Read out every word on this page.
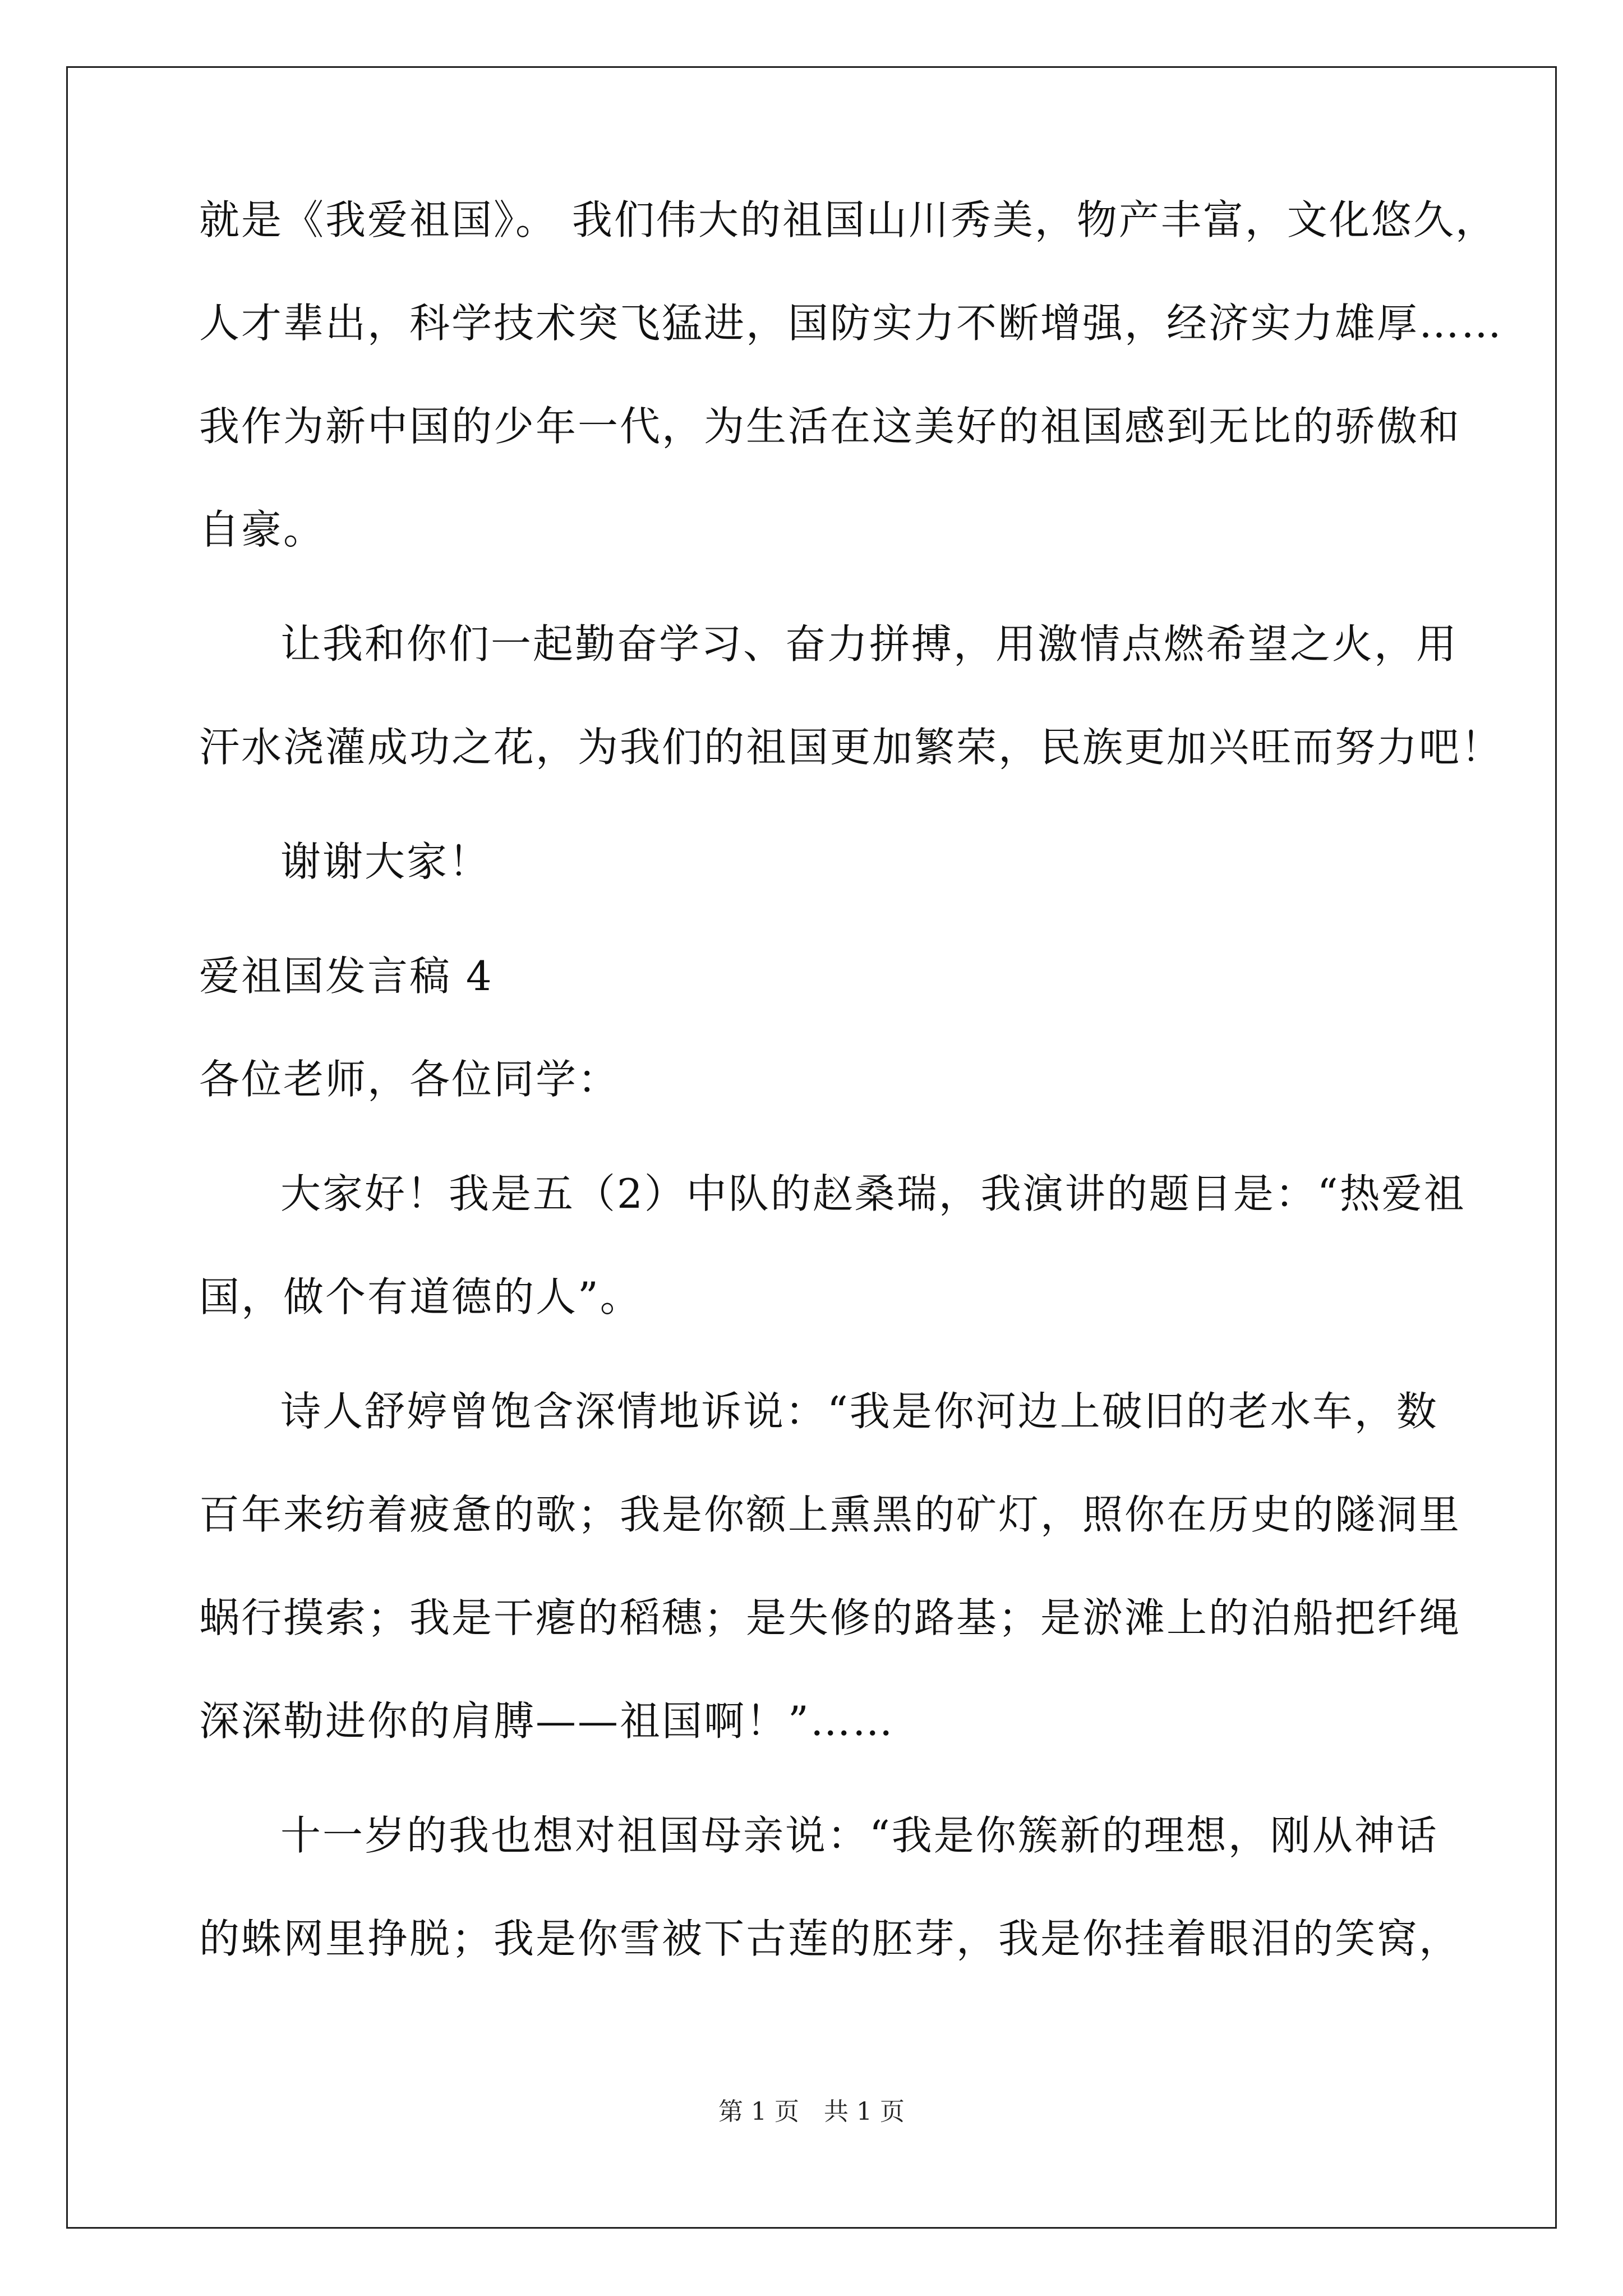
就是《我爱祖国》。 我们伟大的祖国山川秀美，物产丰富，文化悠久，
人才辈出，科学技术突飞猛进，国防实力不断增强，经济实力雄厚……
我作为新中国的少年一代，为生活在这美好的祖国感到无比的骄傲和
自豪。
让我和你们一起勤奋学习、奋力拼搏，用激情点燃希望之火，用
汗水浇灌成功之花，为我们的祖国更加繁荣，民族更加兴旺而努力吧！
谢谢大家！
爱祖国发言稿 4
各位老师，各位同学：
大家好！我是五（2）中队的赵桑瑞，我演讲的题目是：“热爱祖
国，做个有道德的人”。
诗人舒婷曾饱含深情地诉说：“我是你河边上破旧的老水车，数
百年来纺着疲惫的歌；我是你额上熏黑的矿灯，照你在历史的隧洞里
蜗行摸索；我是干瘪的稻穗；是失修的路基；是淤滩上的泊船把纤绳
深深勒进你的肩膊——祖国啊！”……
十一岁的我也想对祖国母亲说：“我是你簇新的理想，刚从神话
的蛛网里挣脱；我是你雪被下古莲的胚芽，我是你挂着眼泪的笑窝，
第 1 页　共 1 页
